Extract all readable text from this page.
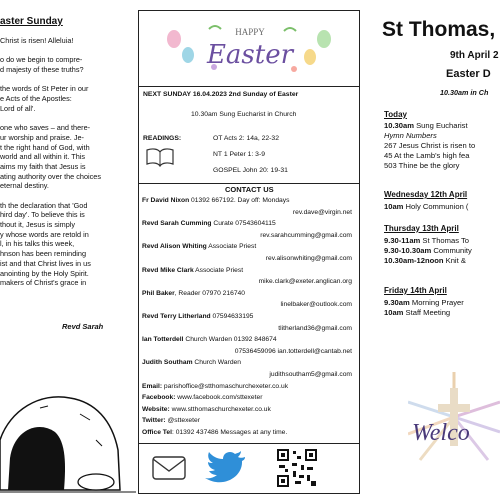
aster Sunday
Christ is risen! Alleluia!
o do we begin to compre-
d majesty of these truths?
the words of St Peter in our
e Acts of the Apostles:
Lord of all'.
one who saves – and there-
ur worship and praise. Je-
t the right hand of God, with
world and all within it. This
aims my faith that Jesus is
ating authority over the choices
eternal destiny.
th the declaration that 'God
hird day'. To believe this is
thout it, Jesus is simply
y whose words are retold in
l, in his talks this week,
hnson has been reminding
ist and that Christ lives in us
anointing by the Holy Spirit.
makers of Christ's grace in
Revd Sarah
HAPPY
Easter
NEXT SUNDAY 16.04.2023 2nd Sunday of Easter
10.30am Sung Eucharist in Church
READINGS:	OT Acts 2: 14a, 22-32
NT 1 Peter 1: 3-9
GOSPEL John 20: 19-31
CONTACT US
Fr David Nixon 01392 667192. Day off: Mondays
rev.dave@virgin.net
Revd Sarah Cumming Curate 07543604115
rev.sarahcumming@gmail.com
Revd Alison Whiting Associate Priest
rev.alisonwhiting@gmail.com
Revd Mike Clark Associate Priest
mike.clark@exeter.anglican.org
Phil Baker, Reader 07970 216740
linelbaker@outlook.com
Revd Terry Litherland 07594633195
tlitherland36@gmail.com
Ian Totterdell Church Warden 01392 848674
07536459096 ian.totterdell@cantab.net
Judith Southam Church Warden
judithsoutham5@gmail.com
Email: parishoffice@stthomaschurchexeter.co.uk
Facebook: www.facebook.com/sttexeter
Website: www.stthomaschurchexeter.co.uk
Twitter: @sttexeter
Office Tel: 01392 437486 Messages at any time.
St Thomas,
9th April 2
Easter D
10.30am in Ch
Today
10.30am Sung Eucharist
Hymn Numbers
267 Jesus Christ is risen to
45 At the Lamb's high fea
503 Thine be the glory
Wednesday 12th April
10am Holy Communion (
Thursday 13th April
9.30-11am St Thomas To
9.30-10.30am Community
10.30am-12noon Knit &
Friday 14th April
9.30am Morning Prayer
10am Staff Meeting
Welco
